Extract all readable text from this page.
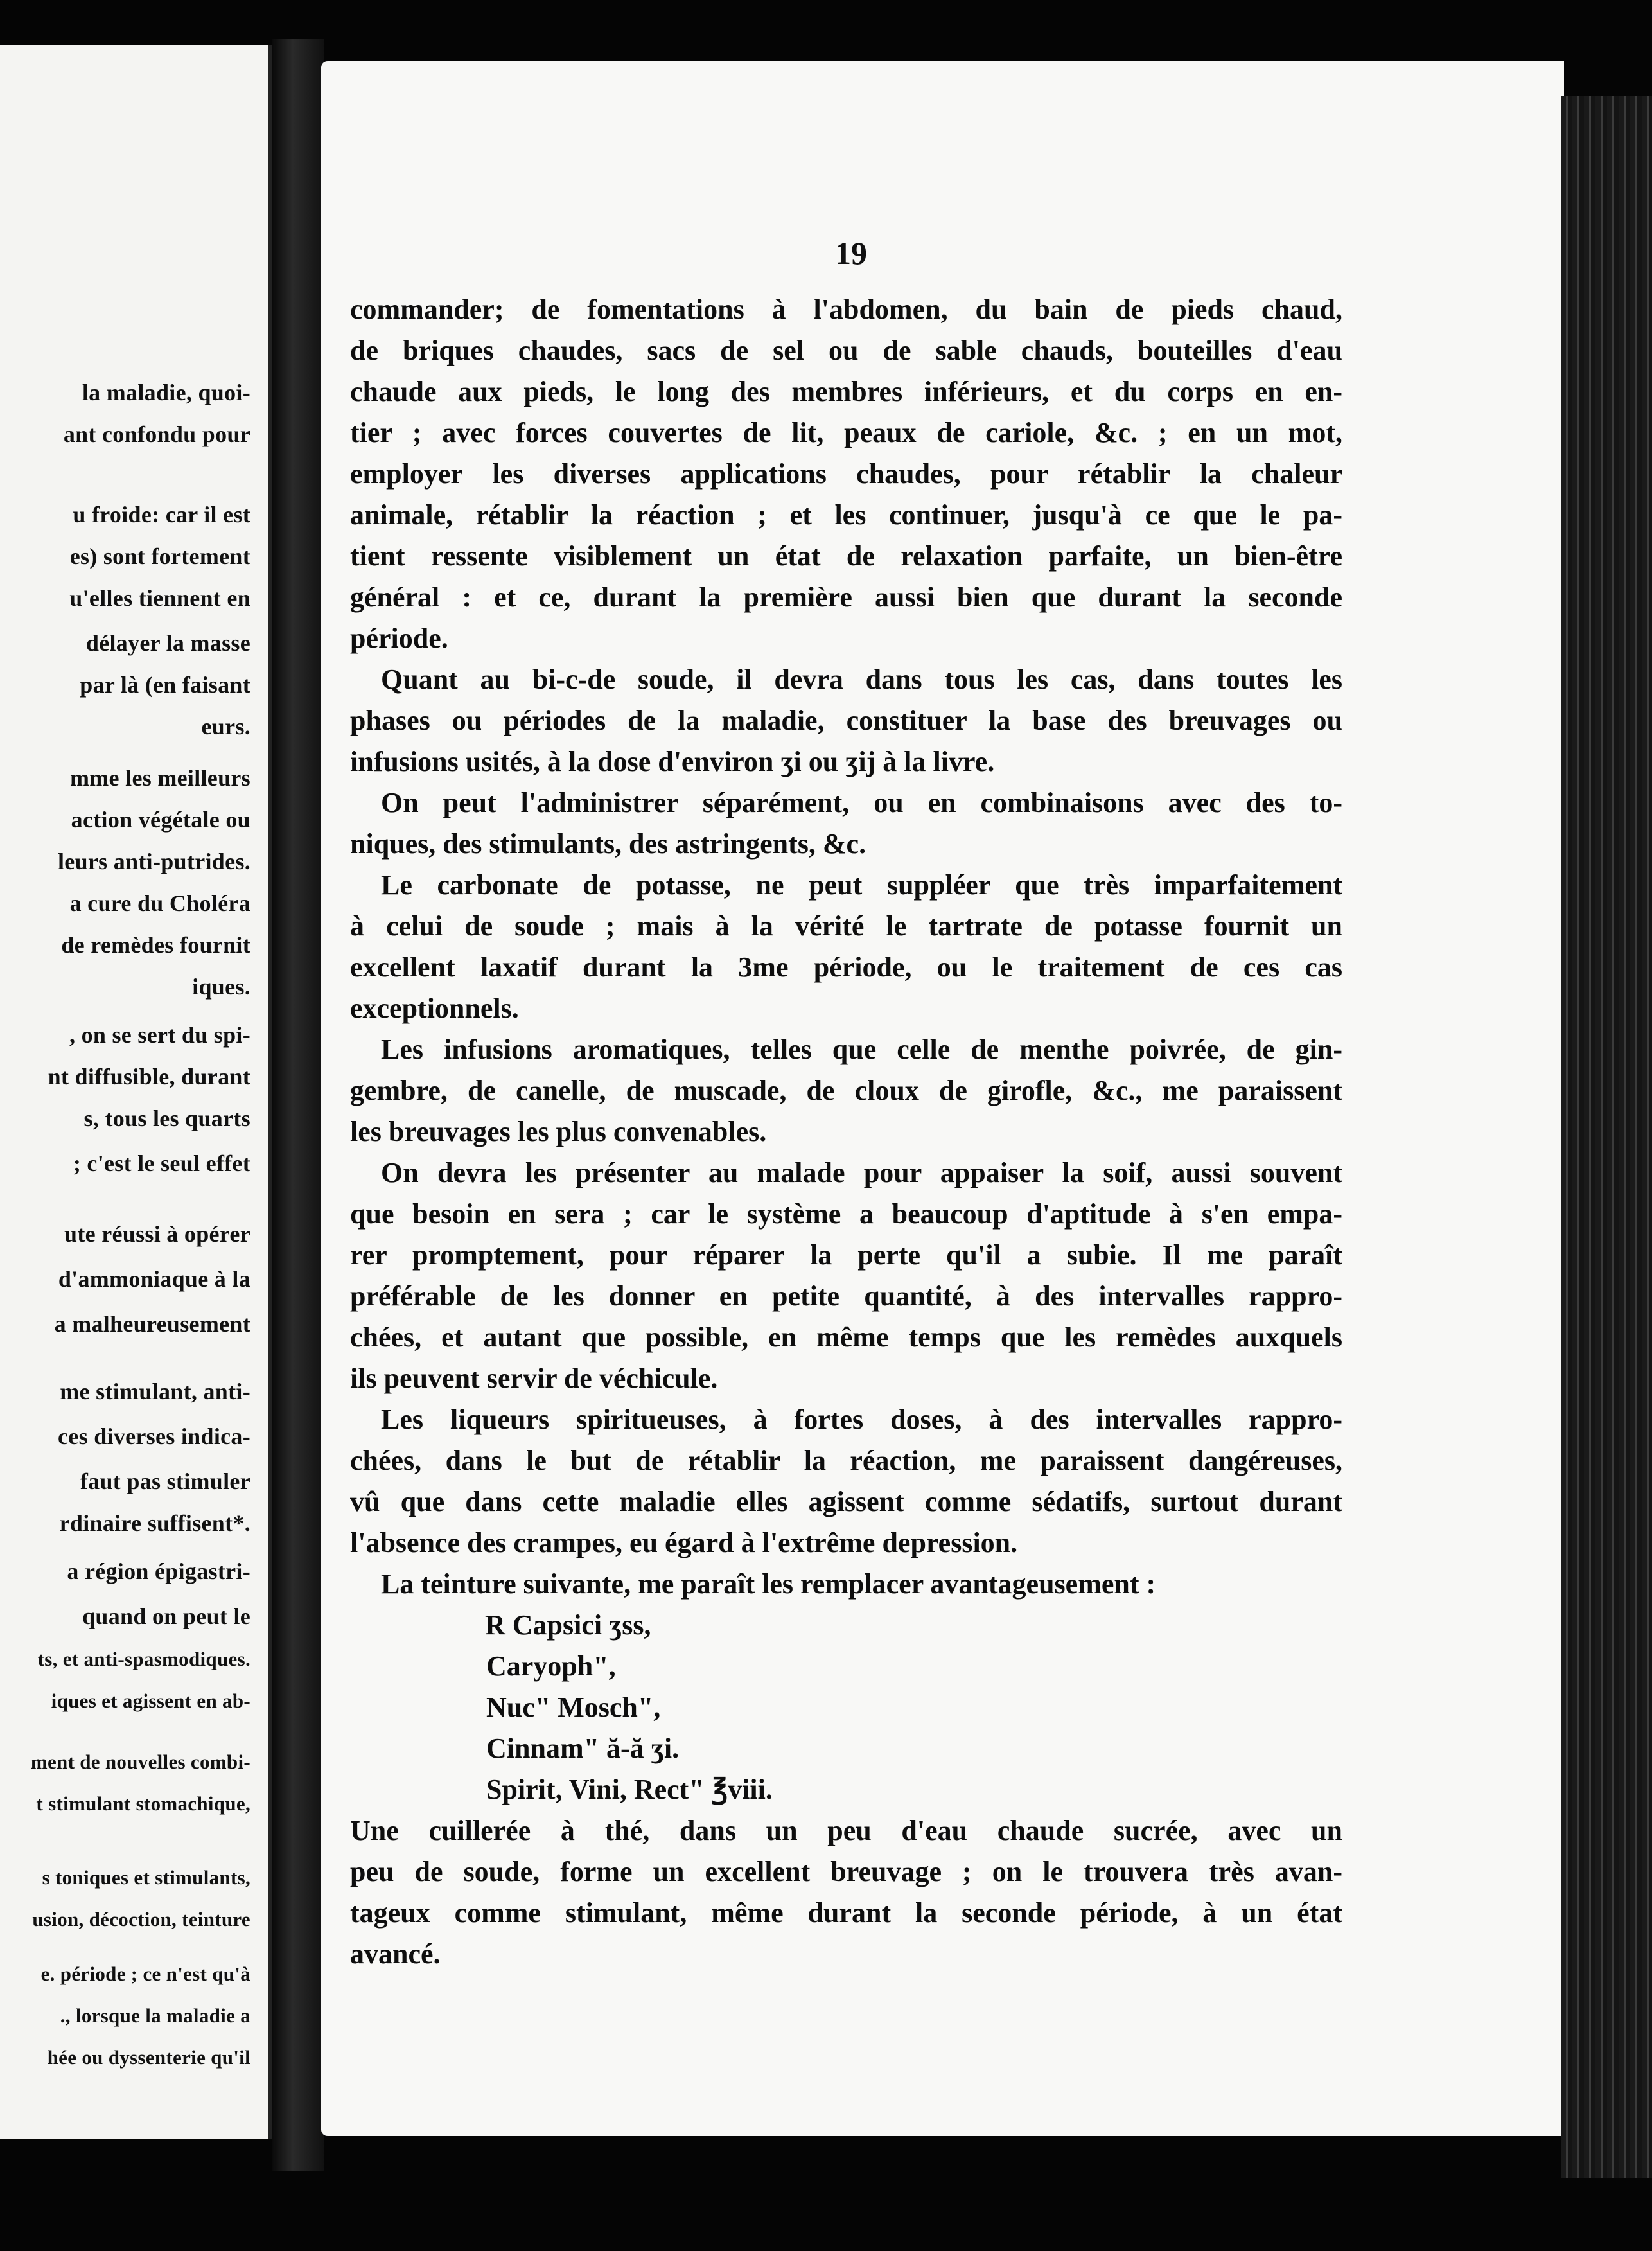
la maladie, quoi-
ant confondu pour
u froide: car il est
es) sont fortement
u'elles tiennent en
délayer la masse
par là (en faisant
eurs.
mme les meilleurs
action végétale ou
leurs anti-putrides.
a cure du Choléra
de remèdes fournit
iques.
, on se sert du spi-
nt diffusible, durant
s, tous les quarts
; c'est le seul effet
ute réussi à opérer
d'ammoniaque à la
a malheureusement
me stimulant, anti-
ces diverses indica-
faut pas stimuler
rdinaire suffisent*.
a région épigastri-
quand on peut le
ts, et anti-spasmodiques.
iques et agissent en ab-
ment de nouvelles combi-
t stimulant stomachique,
s toniques et stimulants,
usion, décoction, teinture
e. période ; ce n'est qu'à
., lorsque la maladie a
hée ou dyssenterie qu'il
19
commander; de fomentations à l'abdomen, du bain de pieds chaud,
de briques chaudes, sacs de sel ou de sable chauds, bouteilles d'eau
chaude aux pieds, le long des membres inférieurs, et du corps en en-
tier ; avec forces couvertes de lit, peaux de cariole, &c. ; en un mot,
employer les diverses applications chaudes, pour rétablir la chaleur
animale, rétablir la réaction ; et les continuer, jusqu'à ce que le pa-
tient ressente visiblement un état de relaxation parfaite, un bien-être
général : et ce, durant la première aussi bien que durant la seconde
période.
Quant au bi-c-de soude, il devra dans tous les cas, dans toutes les
phases ou périodes de la maladie, constituer la base des breuvages ou
infusions usités, à la dose d'environ ʒi ou ʒij à la livre.
On peut l'administrer séparément, ou en combinaisons avec des to-
niques, des stimulants, des astringents, &c.
Le carbonate de potasse, ne peut suppléer que très imparfaitement
à celui de soude ; mais à la vérité le tartrate de potasse fournit un
excellent laxatif durant la 3me période, ou le traitement de ces cas
exceptionnels.
Les infusions aromatiques, telles que celle de menthe poivrée, de gin-
gembre, de canelle, de muscade, de cloux de girofle, &c., me paraissent
les breuvages les plus convenables.
On devra les présenter au malade pour appaiser la soif, aussi souvent
que besoin en sera ; car le système a beaucoup d'aptitude à s'en empa-
rer promptement, pour réparer la perte qu'il a subie. Il me paraît
préférable de les donner en petite quantité, à des intervalles rappro-
chées, et autant que possible, en même temps que les remèdes auxquels
ils peuvent servir de véchicule.
Les liqueurs spiritueuses, à fortes doses, à des intervalles rappro-
chées, dans le but de rétablir la réaction, me paraissent dangéreuses,
vû que dans cette maladie elles agissent comme sédatifs, surtout durant
l'absence des crampes, eu égard à l'extrême depression.
La teinture suivante, me paraît les remplacer avantageusement :
R Capsici ʒss,
Caryoph",
Nuc" Mosch",
Cinnam" ă-ă ʒi.
Spirit, Vini, Rect" ℥viii.
Une cuillerée à thé, dans un peu d'eau chaude sucrée, avec un
peu de soude, forme un excellent breuvage ; on le trouvera très avan-
tageux comme stimulant, même durant la seconde période, à un état
avancé.
